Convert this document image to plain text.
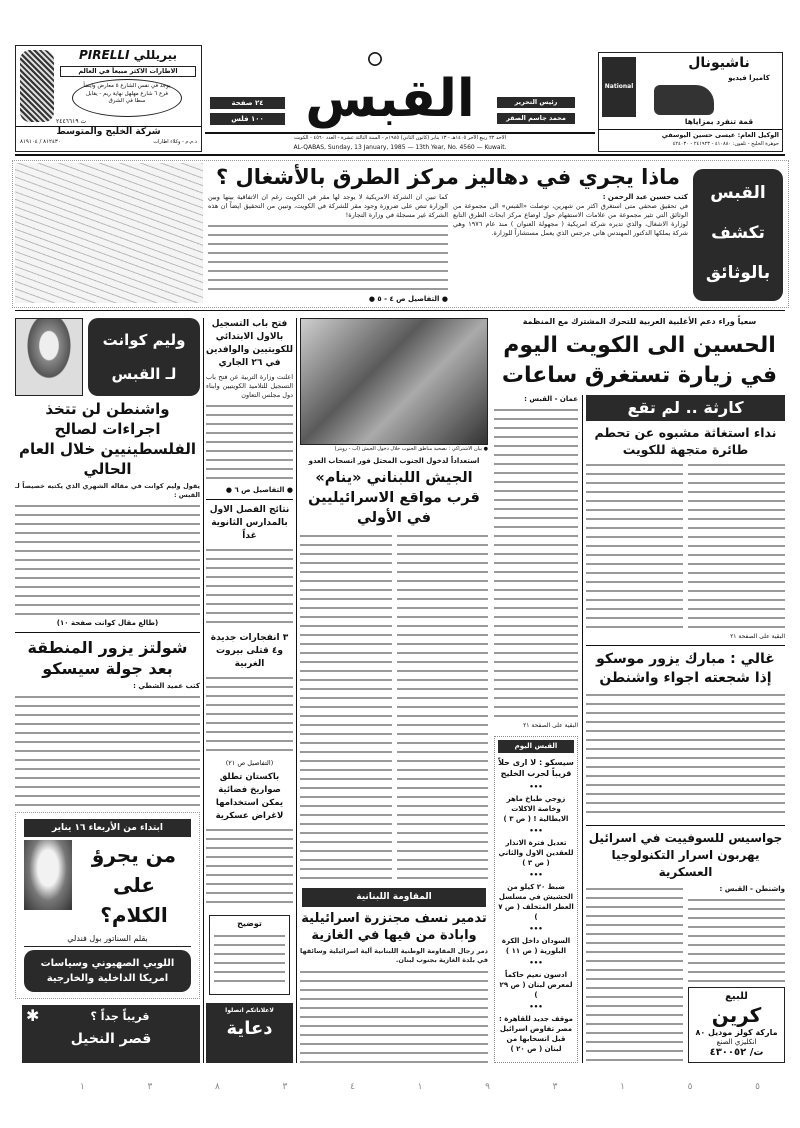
بيريللي PIRELLI
الاطارات الاكثر مبيعاً في العالم
يوجد في نفس الشارع ٥ معارض وايضاً فرع ٦ شارع مهلهل نهاية ريم - يقابل سطا في الشرق
ت ٢٤٤٦٦١٩
شركة الخليج والمتوسط
٨١٢٤٣٠ / ٨١٩١٠٤	ذ.م.م - وكلاء اطارات
٢٤ صفحة
١٠٠ فلس القبس	رئيس التحرير
محمد جاسم الصقر
الاحد ٢٢ ربيع الآخر ١٤٠٥هـ - ١٣ يناير (كانون الثاني) ١٩٨٥م - السنة الثالثة عشرة - العدد ٤٥٦٠ - الكويت
AL-QABAS, Sunday, 13 January, 1985 — 13th Year, No. 4560 — Kuwait.
National
ناشيونال
كاميرا فيديو
قمة تنفرد بمزاياها
الوكيل العام: عيسى حسين اليوسفي
جوهرة الخليج - تلفون: ٤١٠٨٨٠ - ٢٤١٩٢٣ - ٤٢٤٠٣٠
القبس
تكشف
بالوثائق
ماذا يجري في دهاليز مركز الطرق بالأشغال ؟
كما تبين ان الشركة الامريكية لا يوجد لها مقر في الكويت رغم ان الاتفاقية بينها وبين الوزارة تنص على ضرورة وجود مقر للشركة في الكويت، وتبين من التحقيق ايضاً ان هذه الشركة غير مسجلة في وزارة التجارة!
● التفاصيل ص ٤ - ٥ ●
كتب حسين عبد الرحمن :
في تحقيق صحفي متى استغرق اكثر من شهرين، توصلت «القبس» الى مجموعة من الوثائق التي تثير مجموعة من علامات الاستفهام حول اوضاع مركز ابحاث الطرق التابع لوزارة الاشغال، والذي تديره شركة امريكية ( مجهولة العنوان ) منذ عام ١٩٧٦ وهي شركة يملكها الدكتور المهندس هاني جرجس الذي يعمل مستشاراً للوزارة.
وليم كوانت
لـ القبس
واشنطن لن تتخذ اجراءات لصالح الفلسطينيين خلال العام الحالي
يقول وليم كوانت في مقاله الشهري الذي يكتبه خصيصاً لـ القبس :
(طالع مقال كوانت صفحة ١٠)
شولتز يزور المنطقة بعد جولة سيسكو
كتب عميد الشطي :
ابتداء من الأربعاء ١٦ يناير
من يجرؤ على الكلام؟
بقلم السناتور بول فندلي
اللوبي الصهيوني وسياسات امريكا الداخلية والخارجية
✱	قريباً جداً ؟
قصر النخيل
فتح باب التسجيل بالاول الابتدائي للكويتيين والوافدين في ٢٦ الجاري
اعلنت وزارة التربية عن فتح باب التسجيل للتلاميذ الكويتيين وابناء دول مجلس التعاون
● التفاصيل ص ٦ ●
نتائج الفصل الاول بالمدارس الثانوية غداً
٣ انفجارات جديدة و٤ قتلى بيروت الغربية
(التفاصيل ص ٢١)
باكستان تطلق صواريخ فضائية يمكن استخدامها لاغراض عسكرية
توضيح
لاعلاناتكم اتصلوا
دعاية
● بيان الاشتراكي : نصحية مناطق الجنوب خلال دخول الجيش (اب - رويتر)
استعداداً لدخول الجنوب المحتل فور انسحاب العدو
الجيش اللبناني «ينام» قرب مواقع الاسرائيليين في الأولي
المقاومة اللبنانية
تدمير نسف مجنزرة اسرائيلية وابادة من فيها في الغازية
دمر رجال المقاومة الوطنية اللبنانية آلية اسرائيلية وسائقها في بلدة الغازية بجنوب لبنان.
سعياً وراء دعم الأغلبية العربية للتحرك المشترك مع المنظمة
الحسين الى الكويت اليوم
في زيارة تستغرق ساعات
عمان - القبس :
البقية على الصفحة ٢١
القبس اليوم
سيسكو : لا ارى حلاً قريباً لحرب الخليج
•••
زوجي طباخ ماهر وخاصة الاكلات الايطالية ! ( ص ٣ )
•••
تعديل فترة الانذار للعقدين الاول والثاني ( ص ٣ )
•••
ضبط ٢٠ كيلو من الحشيش في مسلسل العطر المتخلف ( ص ٧ )
•••
السودان داخل الكرة البلورية ( ص ١١ )
•••
ادسون نعيم حاكماً لمعرض لبنان ( ص ٢٩ )
•••
موقف جديد للقاهرة : مصر تفاوض اسرائيل قبل انسحابها من لبنان ( ص ٢٠ )
كارثة .. لم تقع
نداء استغاثة مشبوه عن تحطم طائرة متجهة للكويت
البقية على الصفحة ٢١
غالي : مبارك يزور موسكو إذا شجعته اجواء واشنطن
جواسيس للسوفييت في اسرائيل يهربون اسرار التكنولوجيا العسكرية
واشنطن - القبس :
للبيع
كرين
ماركة كولز موديل ٨٠
انكليزي الصنع
ت/ ٤٣٠٠٥٢
٥
٥
١
٣
٩
١
٤
٣
٨
٣
١
